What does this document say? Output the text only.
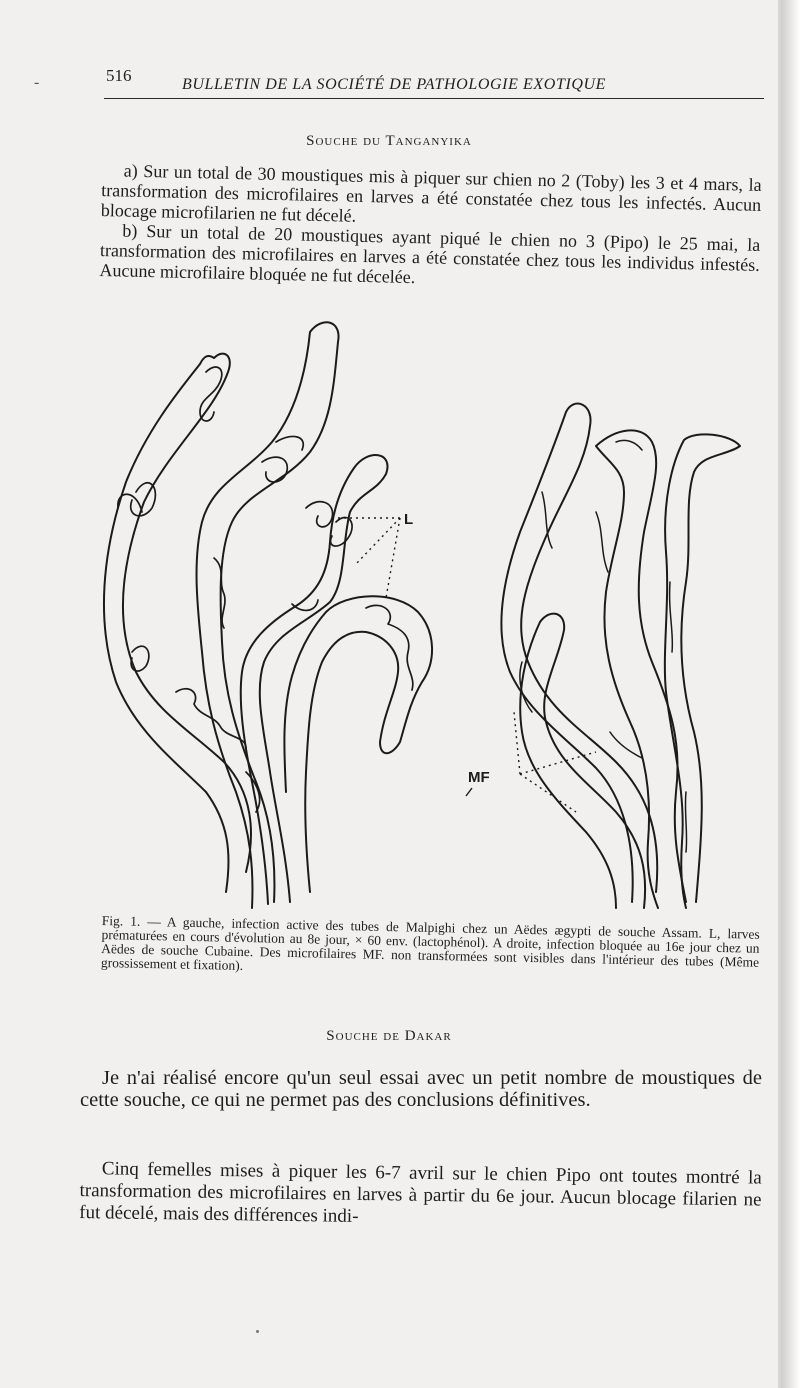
-	516	BULLETIN DE LA SOCIÉTÉ DE PATHOLOGIE EXOTIQUE
Souche du Tanganyika

a) Sur un total de 30 moustiques mis à piquer sur chien no 2 (Toby) les 3 et 4 mars, la transformation des microfilaires en larves a été constatée chez tous les infectés. Aucun blocage microfilarien ne fut décelé.

b) Sur un total de 20 moustiques ayant piqué le chien no 3 (Pipo) le 25 mai, la transformation des microfilaires en larves a été constatée chez tous les individus infestés. Aucune microfilaire bloquée ne fut décelée.

L
MF
Fig. 1. — A gauche, infection active des tubes de Malpighi chez un Aëdes ægypti de souche Assam. L, larves prématurées en cours d'évolution au 8e jour, × 60 env. (lactophénol). A droite, infection bloquée au 16e jour chez un Aëdes de souche Cubaine. Des microfilaires MF. non transformées sont visibles dans l'intérieur des tubes (Même grossissement et fixation).
Souche de Dakar

Je n'ai réalisé encore qu'un seul essai avec un petit nombre de moustiques de cette souche, ce qui ne permet pas des conclusions définitives.

Cinq femelles mises à piquer les 6-7 avril sur le chien Pipo ont toutes montré la transformation des microfilaires en larves à partir du 6e jour. Aucun blocage filarien ne fut décelé, mais des différences indi-
